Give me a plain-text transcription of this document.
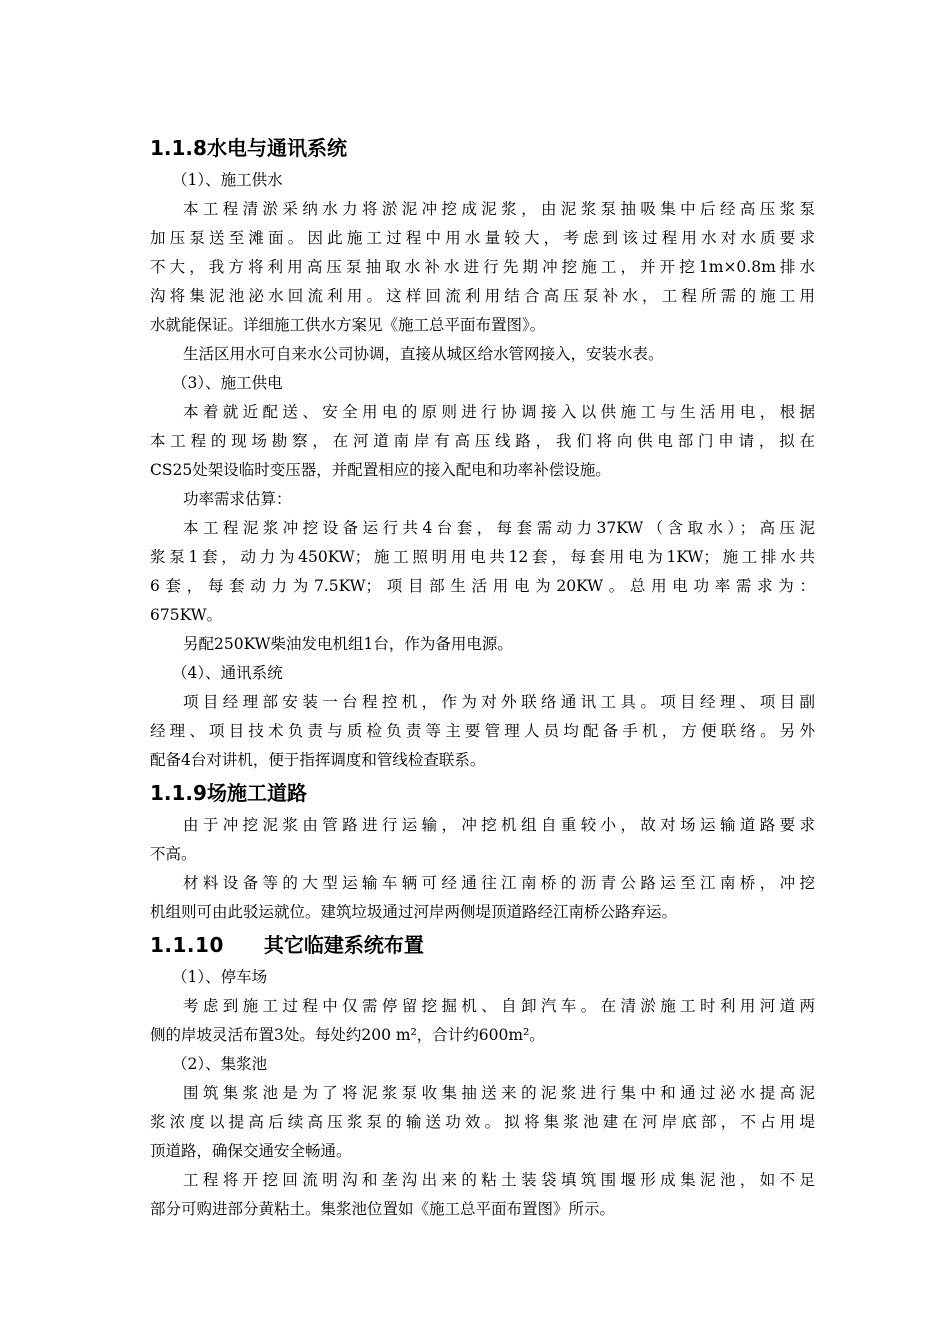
1.1.8水电与通讯系统
（1）、施工供水
本工程清淤采纳水力将淤泥冲挖成泥浆，由泥浆泵抽吸集中后经高压浆泵
加压泵送至滩面。因此施工过程中用水量较大，考虑到该过程用水对水质要求
不大，我方将利用高压泵抽取水补水进行先期冲挖施工，并开挖1m×0.8m排水
沟将集泥池泌水回流利用。这样回流利用结合高压泵补水，工程所需的施工用
水就能保证。详细施工供水方案见《施工总平面布置图》。
生活区用水可自来水公司协调，直接从城区给水管网接入，安装水表。
（3）、施工供电
本着就近配送、安全用电的原则进行协调接入以供施工与生活用电，根据
本工程的现场勘察，在河道南岸有高压线路，我们将向供电部门申请，拟在
CS25处架设临时变压器，并配置相应的接入配电和功率补偿设施。
功率需求估算：
本工程泥浆冲挖设备运行共4台套，每套需动力37KW（含取水）；高压泥
浆泵1套，动力为450KW；施工照明用电共12套，每套用电为1KW；施工排水共
6套，每套动力为7.5KW；项目部生活用电为20KW。总用电功率需求为：
675KW。
另配250KW柴油发电机组1台，作为备用电源。
（4）、通讯系统
项目经理部安装一台程控机，作为对外联络通讯工具。项目经理、项目副
经理、项目技术负责与质检负责等主要管理人员均配备手机，方便联络。另外
配备4台对讲机，便于指挥调度和管线检查联系。
1.1.9场施工道路
由于冲挖泥浆由管路进行运输，冲挖机组自重较小，故对场运输道路要求
不高。
材料设备等的大型运输车辆可经通往江南桥的沥青公路运至江南桥，冲挖
机组则可由此驳运就位。建筑垃圾通过河岸两侧堤顶道路经江南桥公路弃运。
1.1.10 其它临建系统布置
（1）、停车场
考虑到施工过程中仅需停留挖掘机、自卸汽车。在清淤施工时利用河道两
侧的岸坡灵活布置3处。每处约200 m²，合计约600m²。
（2）、集浆池
围筑集浆池是为了将泥浆泵收集抽送来的泥浆进行集中和通过泌水提高泥
浆浓度以提高后续高压浆泵的输送功效。拟将集浆池建在河岸底部，不占用堤
顶道路，确保交通安全畅通。
工程将开挖回流明沟和垄沟出来的粘土装袋填筑围堰形成集泥池，如不足
部分可购进部分黄粘土。集浆池位置如《施工总平面布置图》所示。
